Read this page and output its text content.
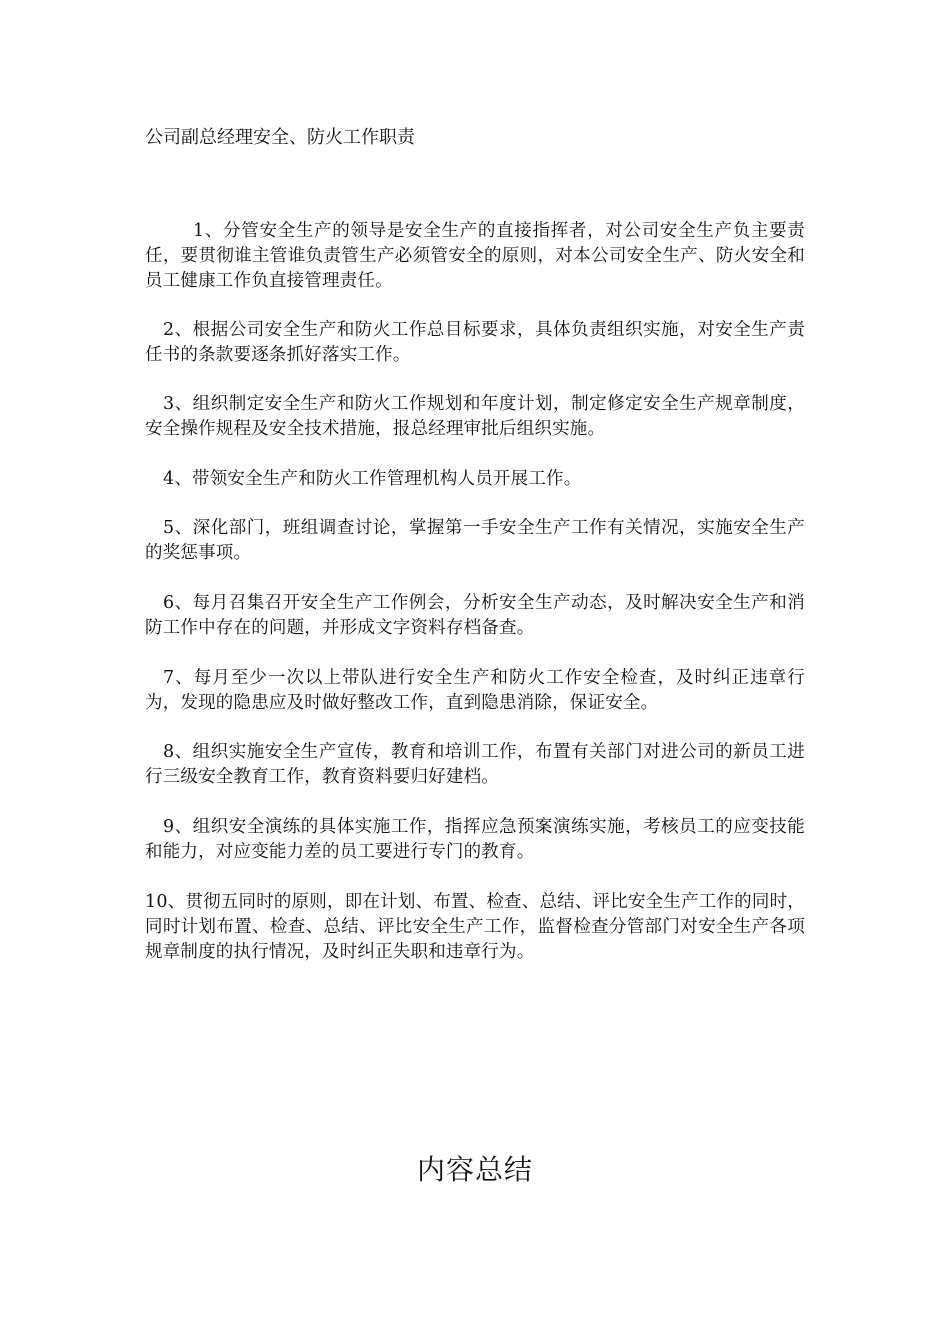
公司副总经理安全、防火工作职责

1、分管安全生产的领导是安全生产的直接指挥者，对公司安全生产负主要责任，要贯彻谁主管谁负责管生产必须管安全的原则，对本公司安全生产、防火安全和员工健康工作负直接管理责任。

2、根据公司安全生产和防火工作总目标要求，具体负责组织实施，对安全生产责任书的条款要逐条抓好落实工作。

3、组织制定安全生产和防火工作规划和年度计划，制定修定安全生产规章制度，安全操作规程及安全技术措施，报总经理审批后组织实施。

4、带领安全生产和防火工作管理机构人员开展工作。

5、深化部门，班组调查讨论，掌握第一手安全生产工作有关情况，实施安全生产的奖惩事项。

6、每月召集召开安全生产工作例会，分析安全生产动态，及时解决安全生产和消防工作中存在的问题，并形成文字资料存档备查。

7、每月至少一次以上带队进行安全生产和防火工作安全检查，及时纠正违章行为，发现的隐患应及时做好整改工作，直到隐患消除，保证安全。

8、组织实施安全生产宣传，教育和培训工作，布置有关部门对进公司的新员工进行三级安全教育工作，教育资料要归好建档。

9、组织安全演练的具体实施工作，指挥应急预案演练实施，考核员工的应变技能和能力，对应变能力差的员工要进行专门的教育。

10、贯彻五同时的原则，即在计划、布置、检查、总结、评比安全生产工作的同时，同时计划布置、检查、总结、评比安全生产工作，监督检查分管部门对安全生产各项规章制度的执行情况，及时纠正失职和违章行为。

内容总结
